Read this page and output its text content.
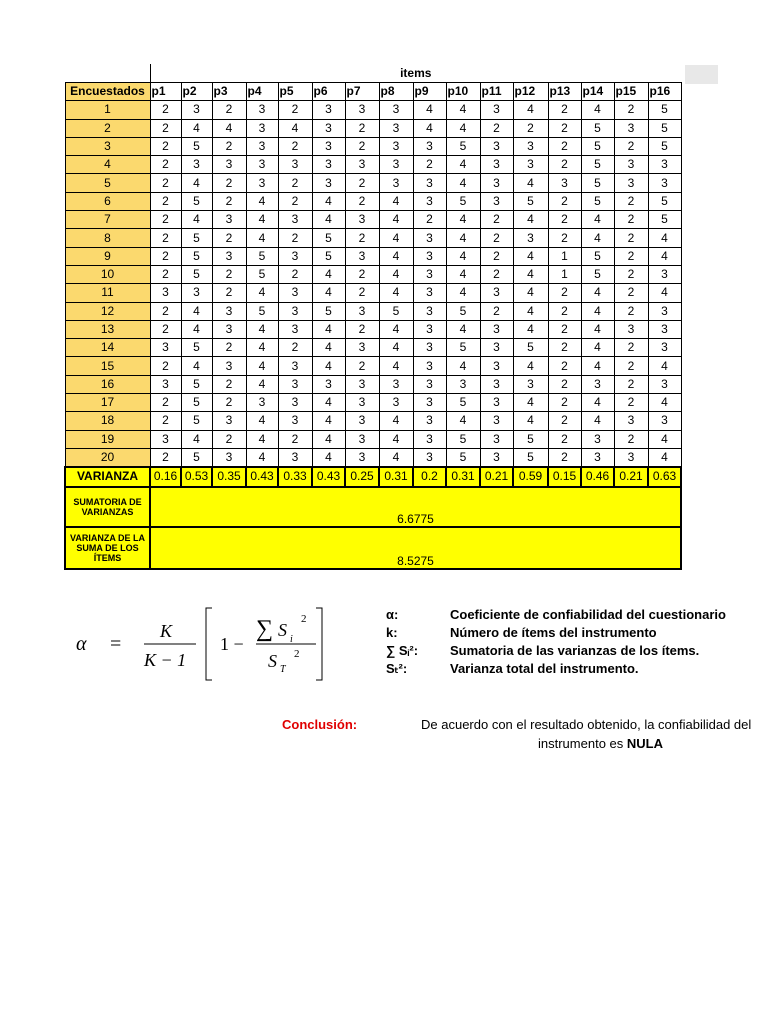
	items															
Encuestados	p1	p2	p3	p4	p5	p6	p7	p8	p9	p10	p11	p12	p13	p14	p15	p16
1	2	3	2	3	2	3	3	3	4	4	3	4	2	4	2	5
2	2	4	4	3	4	3	2	3	4	4	2	2	2	5	3	5
3	2	5	2	3	2	3	2	3	3	5	3	3	2	5	2	5
4	2	3	3	3	3	3	3	3	2	4	3	3	2	5	3	3
5	2	4	2	3	2	3	2	3	3	4	3	4	3	5	3	3
6	2	5	2	4	2	4	2	4	3	5	3	5	2	5	2	5
7	2	4	3	4	3	4	3	4	2	4	2	4	2	4	2	5
8	2	5	2	4	2	5	2	4	3	4	2	3	2	4	2	4
9	2	5	3	5	3	5	3	4	3	4	2	4	1	5	2	4
10	2	5	2	5	2	4	2	4	3	4	2	4	1	5	2	3
11	3	3	2	4	3	4	2	4	3	4	3	4	2	4	2	4
12	2	4	3	5	3	5	3	5	3	5	2	4	2	4	2	3
13	2	4	3	4	3	4	2	4	3	4	3	4	2	4	3	3
14	3	5	2	4	2	4	3	4	3	5	3	5	2	4	2	3
15	2	4	3	4	3	4	2	4	3	4	3	4	2	4	2	4
16	3	5	2	4	3	3	3	3	3	3	3	3	2	3	2	3
17	2	5	2	3	3	4	3	3	3	5	3	4	2	4	2	4
18	2	5	3	4	3	4	3	4	3	4	3	4	2	4	3	3
19	3	4	2	4	2	4	3	4	3	5	3	5	2	3	2	4
20	2	5	3	4	3	4	3	4	3	5	3	5	2	3	3	4
VARIANZA	0.16	0.53	0.35	0.43	0.33	0.43	0.25	0.31	0.2	0.31	0.21	0.59	0.15	0.46	0.21	0.63
SUMATORIA DE VARIANZAS	6.6775															
VARIANZA DE LA SUMA DE LOS ÍTEMS	8.5275															
α =
K
K − 1
1 −
∑ S i
2
S T
2
α:	Coeficiente de confiabilidad del cuestionario
k:	Número de ítems del instrumento
∑ Sᵢ²: Sumatoria de las varianzas de los ítems.
Sₜ²:	Varianza total del instrumento.
Conclusión:	De acuerdo con el resultado obtenido, la confiabilidad del
instrumento es NULA
